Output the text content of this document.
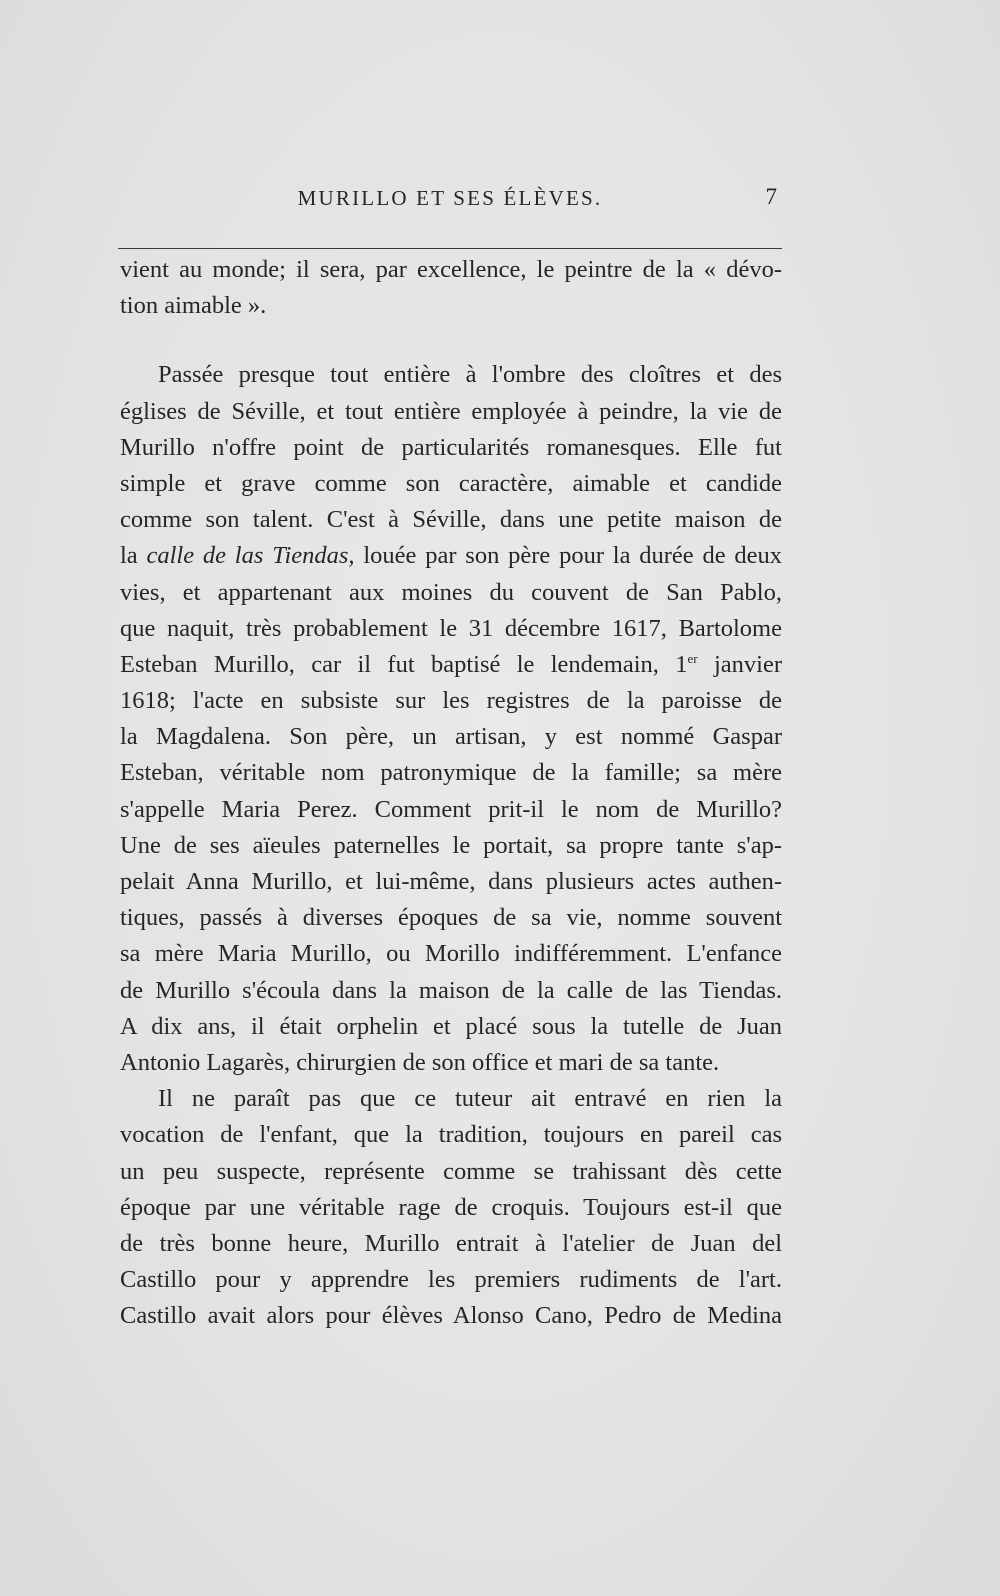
MURILLO ET SES ÉLÈVES.	7

vient au monde; il sera, par excellence, le peintre de la « dévo-
tion aimable ».

Passée presque tout entière à l'ombre des cloîtres et des
églises de Séville, et tout entière employée à peindre, la vie de
Murillo n'offre point de particularités romanesques. Elle fut
simple et grave comme son caractère, aimable et candide
comme son talent. C'est à Séville, dans une petite maison de
la calle de las Tiendas, louée par son père pour la durée de deux
vies, et appartenant aux moines du couvent de San Pablo,
que naquit, très probablement le 31 décembre 1617, Bartolome
Esteban Murillo, car il fut baptisé le lendemain, 1er janvier
1618; l'acte en subsiste sur les registres de la paroisse de
la Magdalena. Son père, un artisan, y est nommé Gaspar
Esteban, véritable nom patronymique de la famille; sa mère
s'appelle Maria Perez. Comment prit-il le nom de Murillo?
Une de ses aïeules paternelles le portait, sa propre tante s'ap-
pelait Anna Murillo, et lui-même, dans plusieurs actes authen-
tiques, passés à diverses époques de sa vie, nomme souvent
sa mère Maria Murillo, ou Morillo indifféremment. L'enfance
de Murillo s'écoula dans la maison de la calle de las Tiendas.
A dix ans, il était orphelin et placé sous la tutelle de Juan
Antonio Lagarès, chirurgien de son office et mari de sa tante.

Il ne paraît pas que ce tuteur ait entravé en rien la
vocation de l'enfant, que la tradition, toujours en pareil cas
un peu suspecte, représente comme se trahissant dès cette
époque par une véritable rage de croquis. Toujours est-il que
de très bonne heure, Murillo entrait à l'atelier de Juan del
Castillo pour y apprendre les premiers rudiments de l'art.
Castillo avait alors pour élèves Alonso Cano, Pedro de Medina
